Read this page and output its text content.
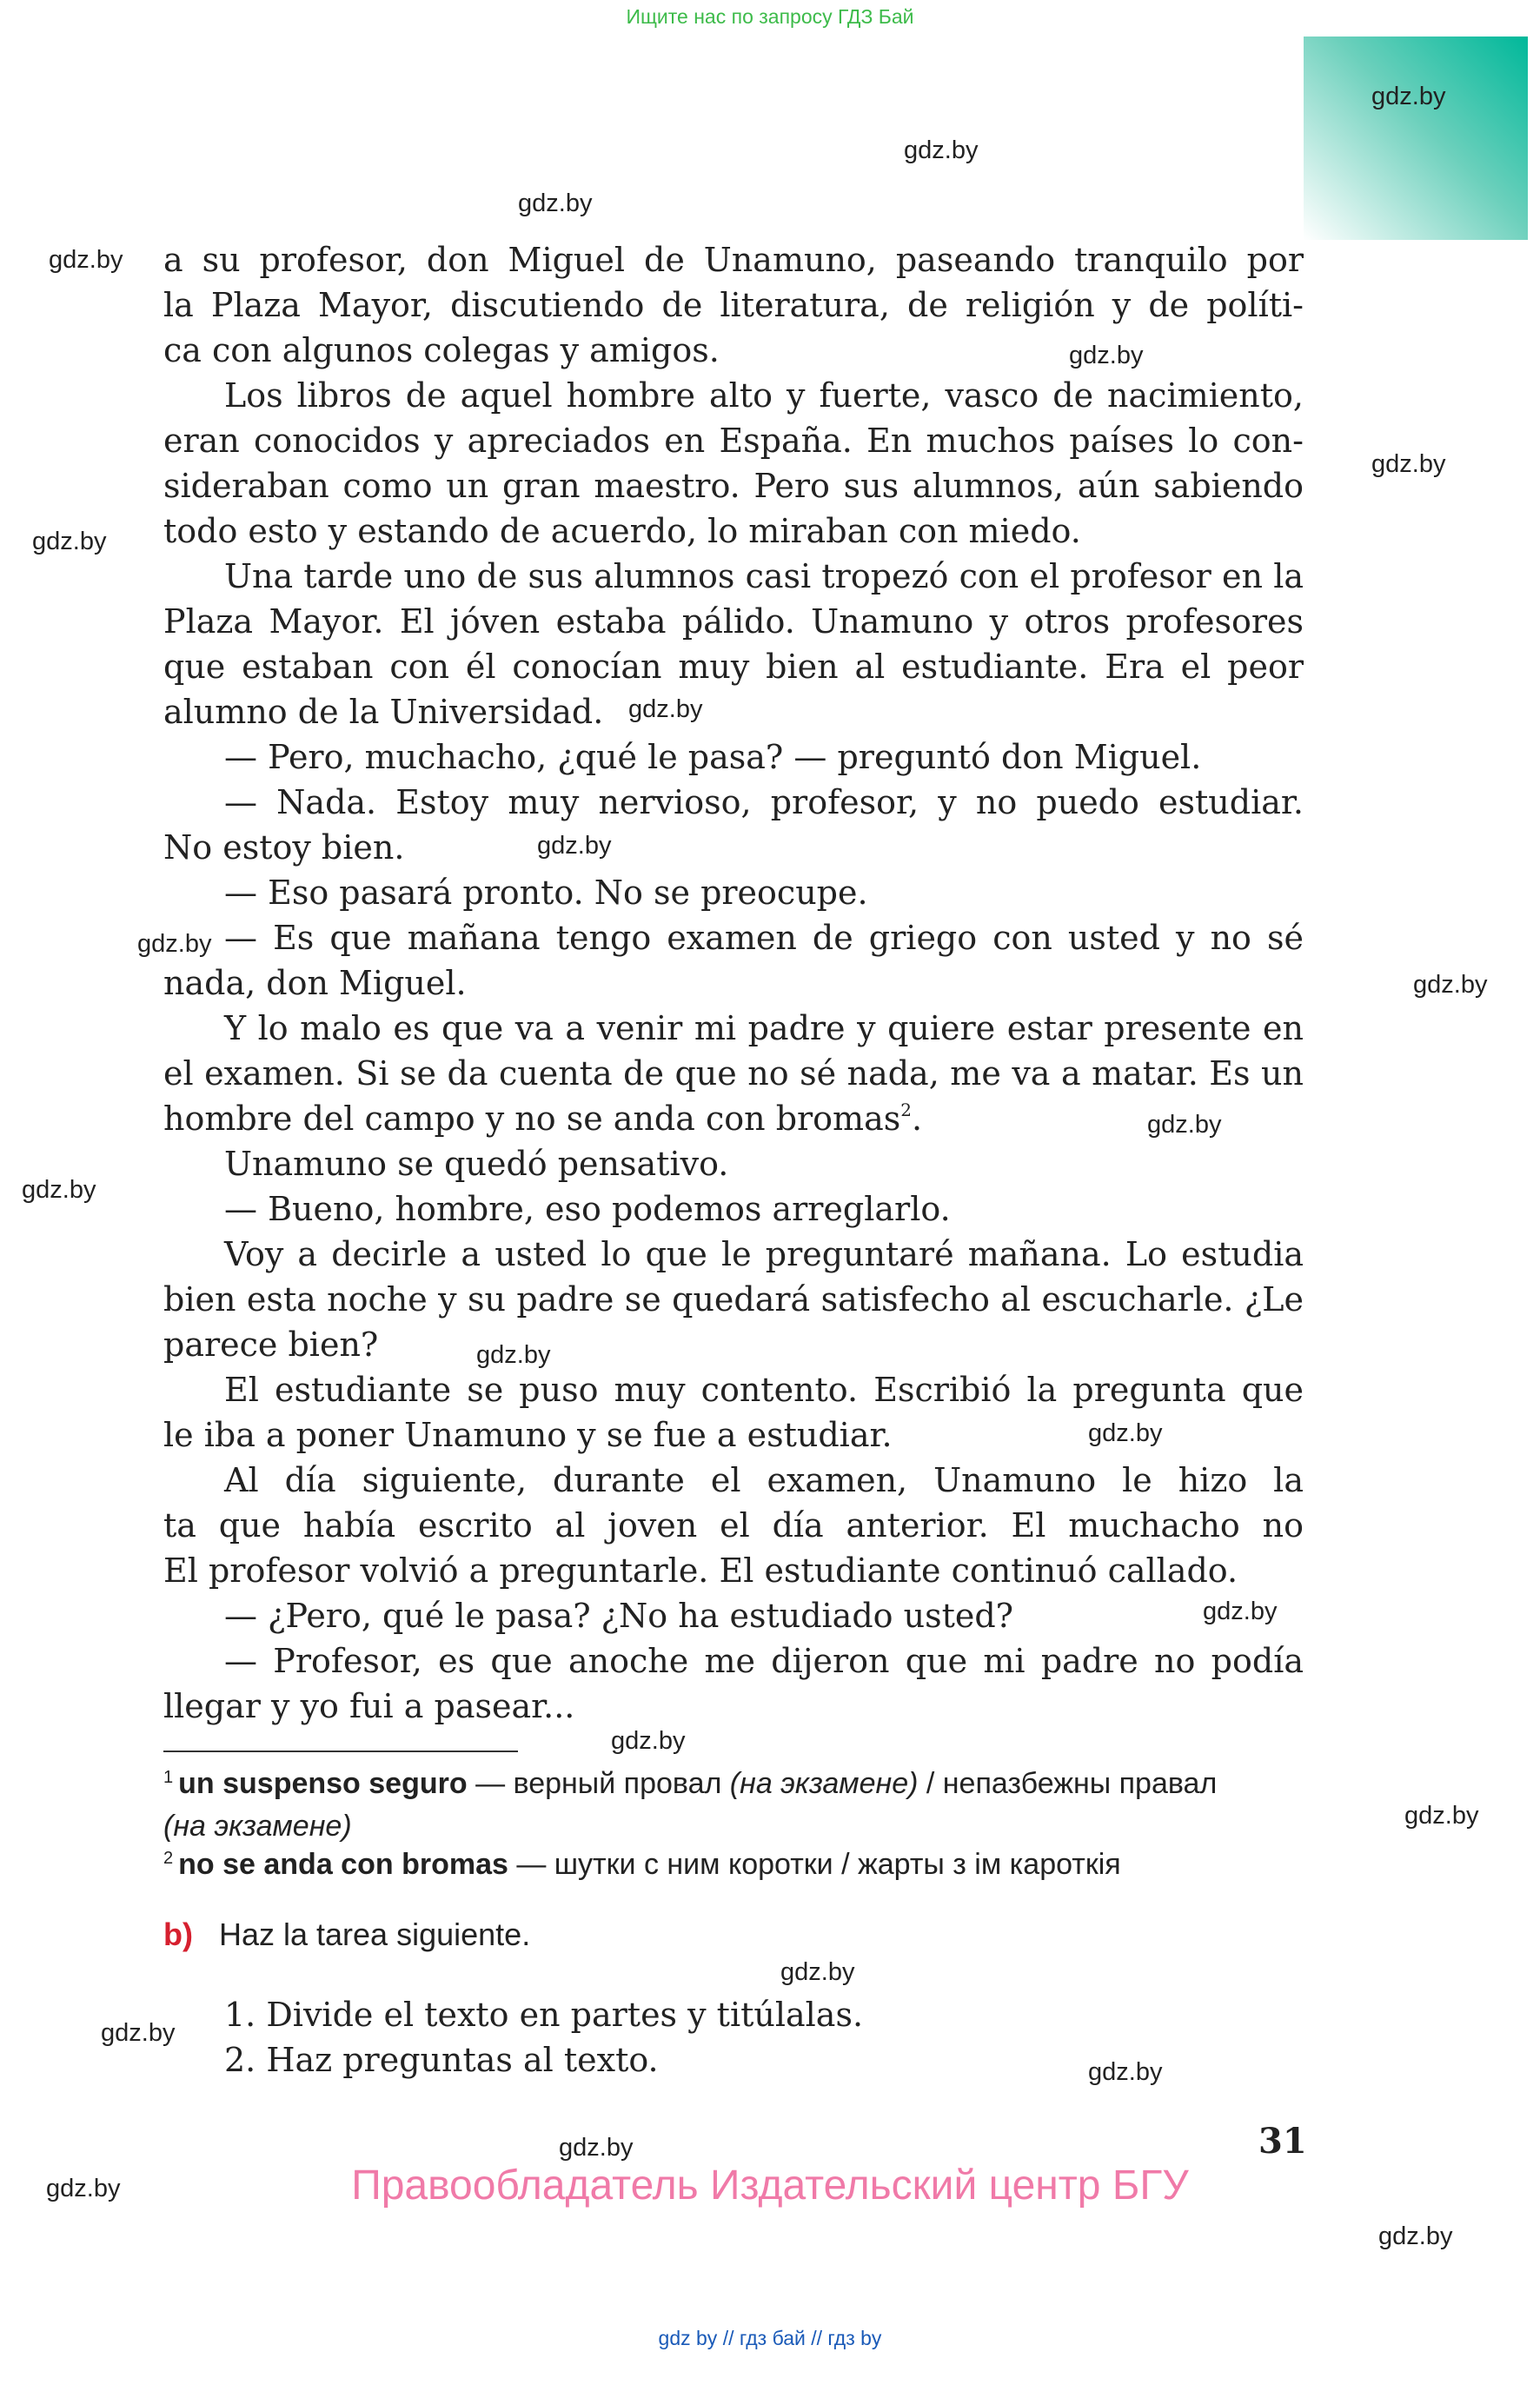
Ищите нас по запросу ГДЗ Бай
gdz.by
gdz.by
gdz.by
gdz.by
gdz.by
gdz.by
gdz.by
gdz.by
gdz.by
gdz.by
gdz.by
gdz.by
gdz.by
gdz.by
gdz.by
gdz.by
gdz.by
gdz.by
gdz.by
gdz.by
gdz.by
gdz.by
gdz.by
gdz.by
a su profesor, don Miguel de Unamuno, paseando tranquilo por
la Plaza Mayor, discutiendo de literatura, de religión y de políti-
ca con algunos colegas y amigos.
Los libros de aquel hombre alto y fuerte, vasco de nacimiento,
eran conocidos y apreciados en España. En muchos países lo con-
sideraban como un gran maestro. Pero sus alumnos, aún sabiendo
todo esto y estando de acuerdo, lo miraban con miedo.
Una tarde uno de sus alumnos casi tropezó con el profesor en la
Plaza Mayor. El jóven estaba pálido. Unamuno y otros profesores
que estaban con él conocían muy bien al estudiante. Era el peor
alumno de la Universidad.
— Pero, muchacho, ¿qué le pasa? — preguntó don Miguel.
— Nada. Estoy muy nervioso, profesor, y no puedo estudiar.
No estoy bien.
— Eso pasará pronto. No se preocupe.
— Es que mañana tengo examen de griego con usted y no sé
nada, don Miguel.
Y lo malo es que va a venir mi padre y quiere estar presente en
el examen. Si se da cuenta de que no sé nada, me va a matar. Es un
hombre del campo y no se anda con bromas$^2$.
Unamuno se quedó pensativo.
— Bueno, hombre, eso podemos arreglarlo.
Voy a decirle a usted lo que le preguntaré mañana. Lo estudia
bien esta noche y su padre se quedará satisfecho al escucharle. ¿Le
parece bien?
El estudiante se puso muy contento. Escribió la pregunta que
le iba a poner Unamuno y se fue a estudiar.
Al día siguiente, durante el examen, Unamuno le hizo la
ta que había escrito al joven el día anterior. El muchacho no
El profesor volvió a preguntarle. El estudiante continuó callado.
— ¿Pero, qué le pasa? ¿No ha estudiado usted?
— Profesor, es que anoche me dijeron que mi padre no podía
llegar y yo fui a pasear...
$^1$ un suspenso seguro — верный провал (на экзамене) / непазбежны правал
(на экзамене)
$^2$ no se anda con bromas — шутки с ним коротки / жарты з ім кароткія
b) Haz la tarea siguiente.
1. Divide el texto en partes y titúlalas.
2. Haz preguntas al texto.
31
Правообладатель Издательский центр БГУ
gdz by // гдз бай // гдз by
